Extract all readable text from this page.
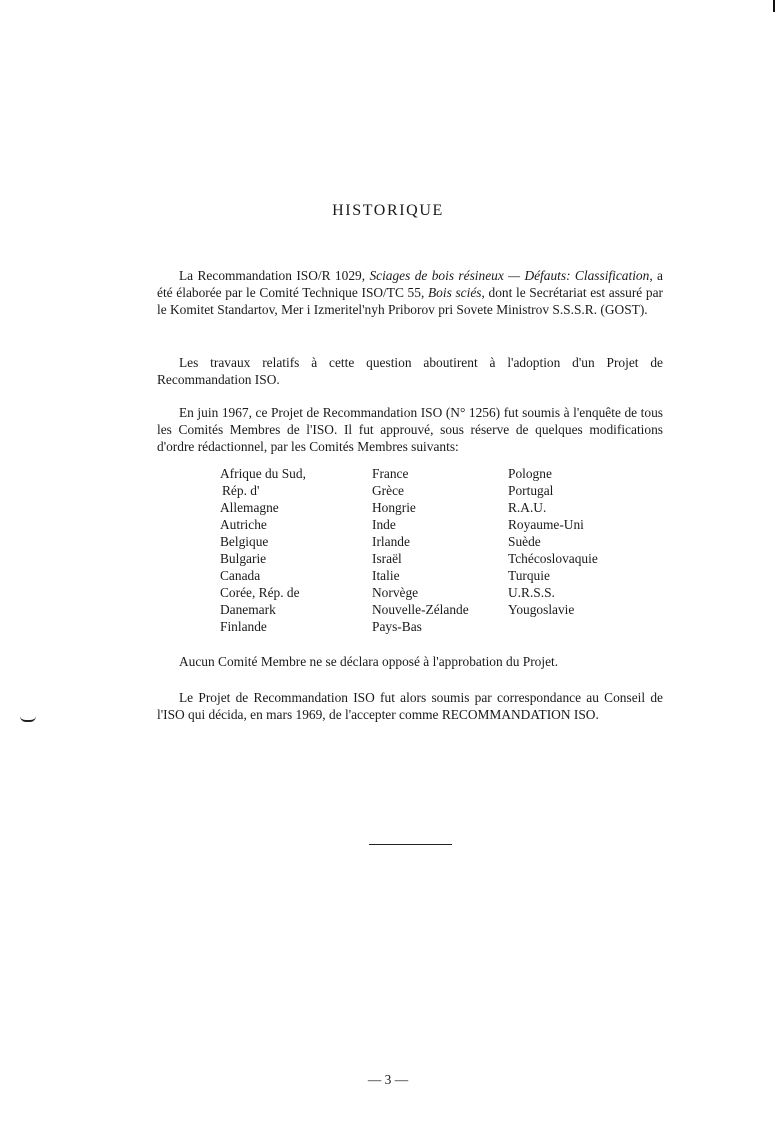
HISTORIQUE

La Recommandation ISO/R 1029, Sciages de bois résineux — Défauts: Classification, a été élaborée par le Comité Technique ISO/TC 55, Bois sciés, dont le Secrétariat est assuré par le Komitet Standartov, Mer i Izmeritel'nyh Priborov pri Sovete Ministrov S.S.S.R. (GOST).

Les travaux relatifs à cette question aboutirent à l'adoption d'un Projet de Recommandation ISO.

En juin 1967, ce Projet de Recommandation ISO (N° 1256) fut soumis à l'enquête de tous les Comités Membres de l'ISO. Il fut approuvé, sous réserve de quelques modifications d'ordre rédactionnel, par les Comités Membres suivants:

Afrique du Sud,
Rép. d'
Allemagne
Autriche
Belgique
Bulgarie
Canada
Corée, Rép. de
Danemark
Finlande
France
Grèce
Hongrie
Inde
Irlande
Israël
Italie
Norvège
Nouvelle-Zélande
Pays-Bas
Pologne
Portugal
R.A.U.
Royaume-Uni
Suède
Tchécoslovaquie
Turquie
U.R.S.S.
Yougoslavie

Aucun Comité Membre ne se déclara opposé à l'approbation du Projet.

Le Projet de Recommandation ISO fut alors soumis par correspondance au Conseil de l'ISO qui décida, en mars 1969, de l'accepter comme RECOMMANDATION ISO.

— 3 —
